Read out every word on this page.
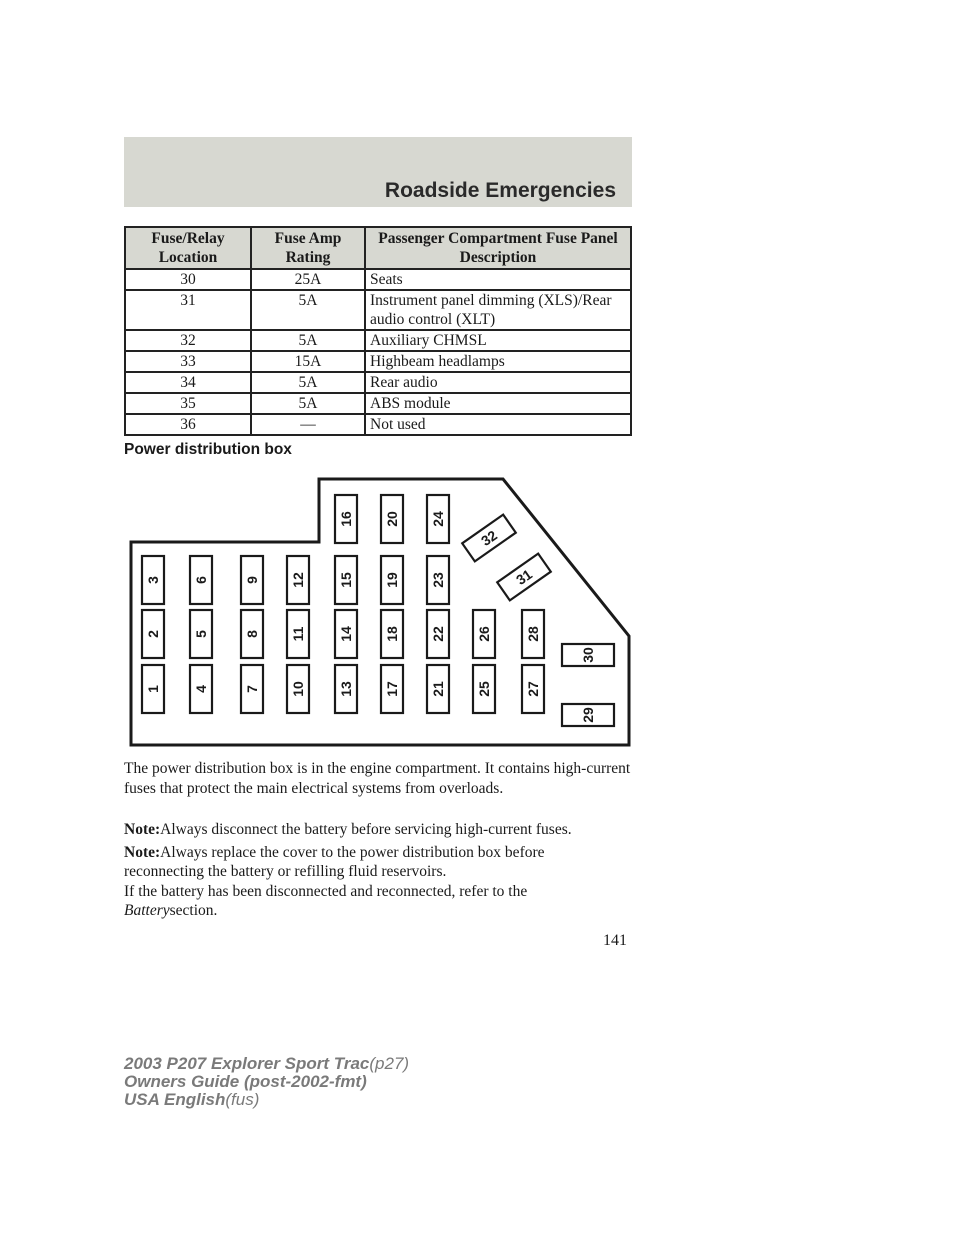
Roadside Emergencies
Fuse/Relay Location	Fuse Amp Rating	Passenger Compartment Fuse Panel Description
30	25A	Seats
31	5A	Instrument panel dimming (XLS)/Rear audio control (XLT)
32	5A	Auxiliary CHMSL
33	15A	Highbeam headlamps
34	5A	Rear audio
35	5A	ABS module
36	—	Not used
Power distribution box
1
2
3
4
5
6
7
8
9
10
11
12
13
14
15
16
17
18
19
20
21
22
23
24
25
26
27
28
29
30
31
32
The power distribution box is in the engine compartment. It contains high-current fuses that protect the main electrical systems from overloads.
Note:Always disconnect the battery before servicing high-current fuses.
Note:Always replace the cover to the power distribution box before reconnecting the battery or refilling fluid reservoirs.
If the battery has been disconnected and reconnected, refer to the Batterysection.
141
2003 P207 Explorer Sport Trac(p27)
Owners Guide (post-2002-fmt)
USA English(fus)
